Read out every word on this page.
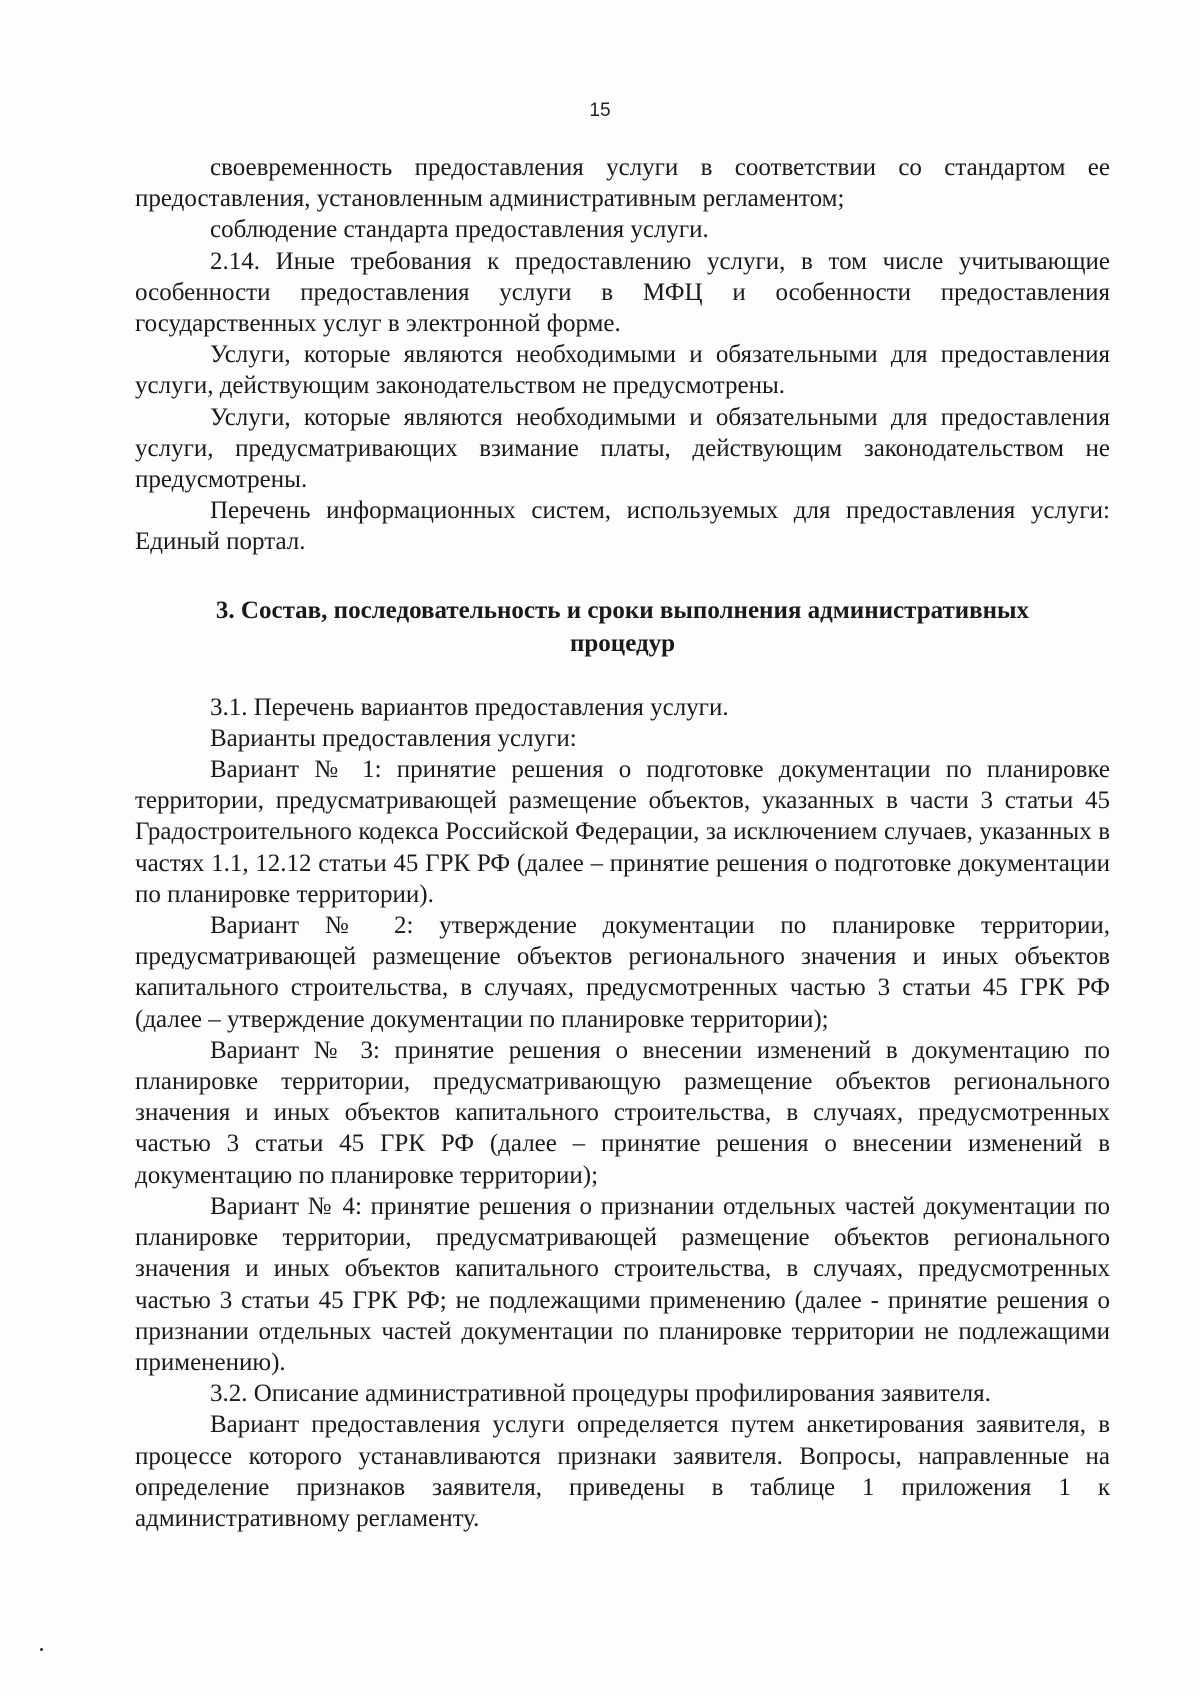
15

своевременность предоставления услуги в соответствии со стандартом ее предоставления, установленным административным регламентом;

соблюдение стандарта предоставления услуги.

2.14. Иные требования к предоставлению услуги, в том числе учитывающие особенности предоставления услуги в МФЦ и особенности предоставления государственных услуг в электронной форме.

Услуги, которые являются необходимыми и обязательными для предоставления услуги, действующим законодательством не предусмотрены.

Услуги, которые являются необходимыми и обязательными для предоставления услуги, предусматривающих взимание платы, действующим законодательством не предусмотрены.

Перечень информационных систем, используемых для предоставления услуги: Единый портал.

3. Состав, последовательность и сроки выполнения административных процедур

3.1. Перечень вариантов предоставления услуги.

Варианты предоставления услуги:

Вариант № 1: принятие решения о подготовке документации по планировке территории, предусматривающей размещение объектов, указанных в части 3 статьи 45 Градостроительного кодекса Российской Федерации, за исключением случаев, указанных в частях 1.1, 12.12 статьи 45 ГРК РФ (далее – принятие решения о подготовке документации по планировке территории).

Вариант № 2: утверждение документации по планировке территории, предусматривающей размещение объектов регионального значения и иных объектов капитального строительства, в случаях, предусмотренных частью 3 статьи 45 ГРК РФ (далее – утверждение документации по планировке территории);

Вариант № 3: принятие решения о внесении изменений в документацию по планировке территории, предусматривающую размещение объектов регионального значения и иных объектов капитального строительства, в случаях, предусмотренных частью 3 статьи 45 ГРК РФ (далее – принятие решения о внесении изменений в документацию по планировке территории);

Вариант № 4: принятие решения о признании отдельных частей документации по планировке территории, предусматривающей размещение объектов регионального значения и иных объектов капитального строительства, в случаях, предусмотренных частью 3 статьи 45 ГРК РФ; не подлежащими применению (далее - принятие решения о признании отдельных частей документации по планировке территории не подлежащими применению).

3.2. Описание административной процедуры профилирования заявителя.

Вариант предоставления услуги определяется путем анкетирования заявителя, в процессе которого устанавливаются признаки заявителя. Вопросы, направленные на определение признаков заявителя, приведены в таблице 1 приложения 1 к административному регламенту.
